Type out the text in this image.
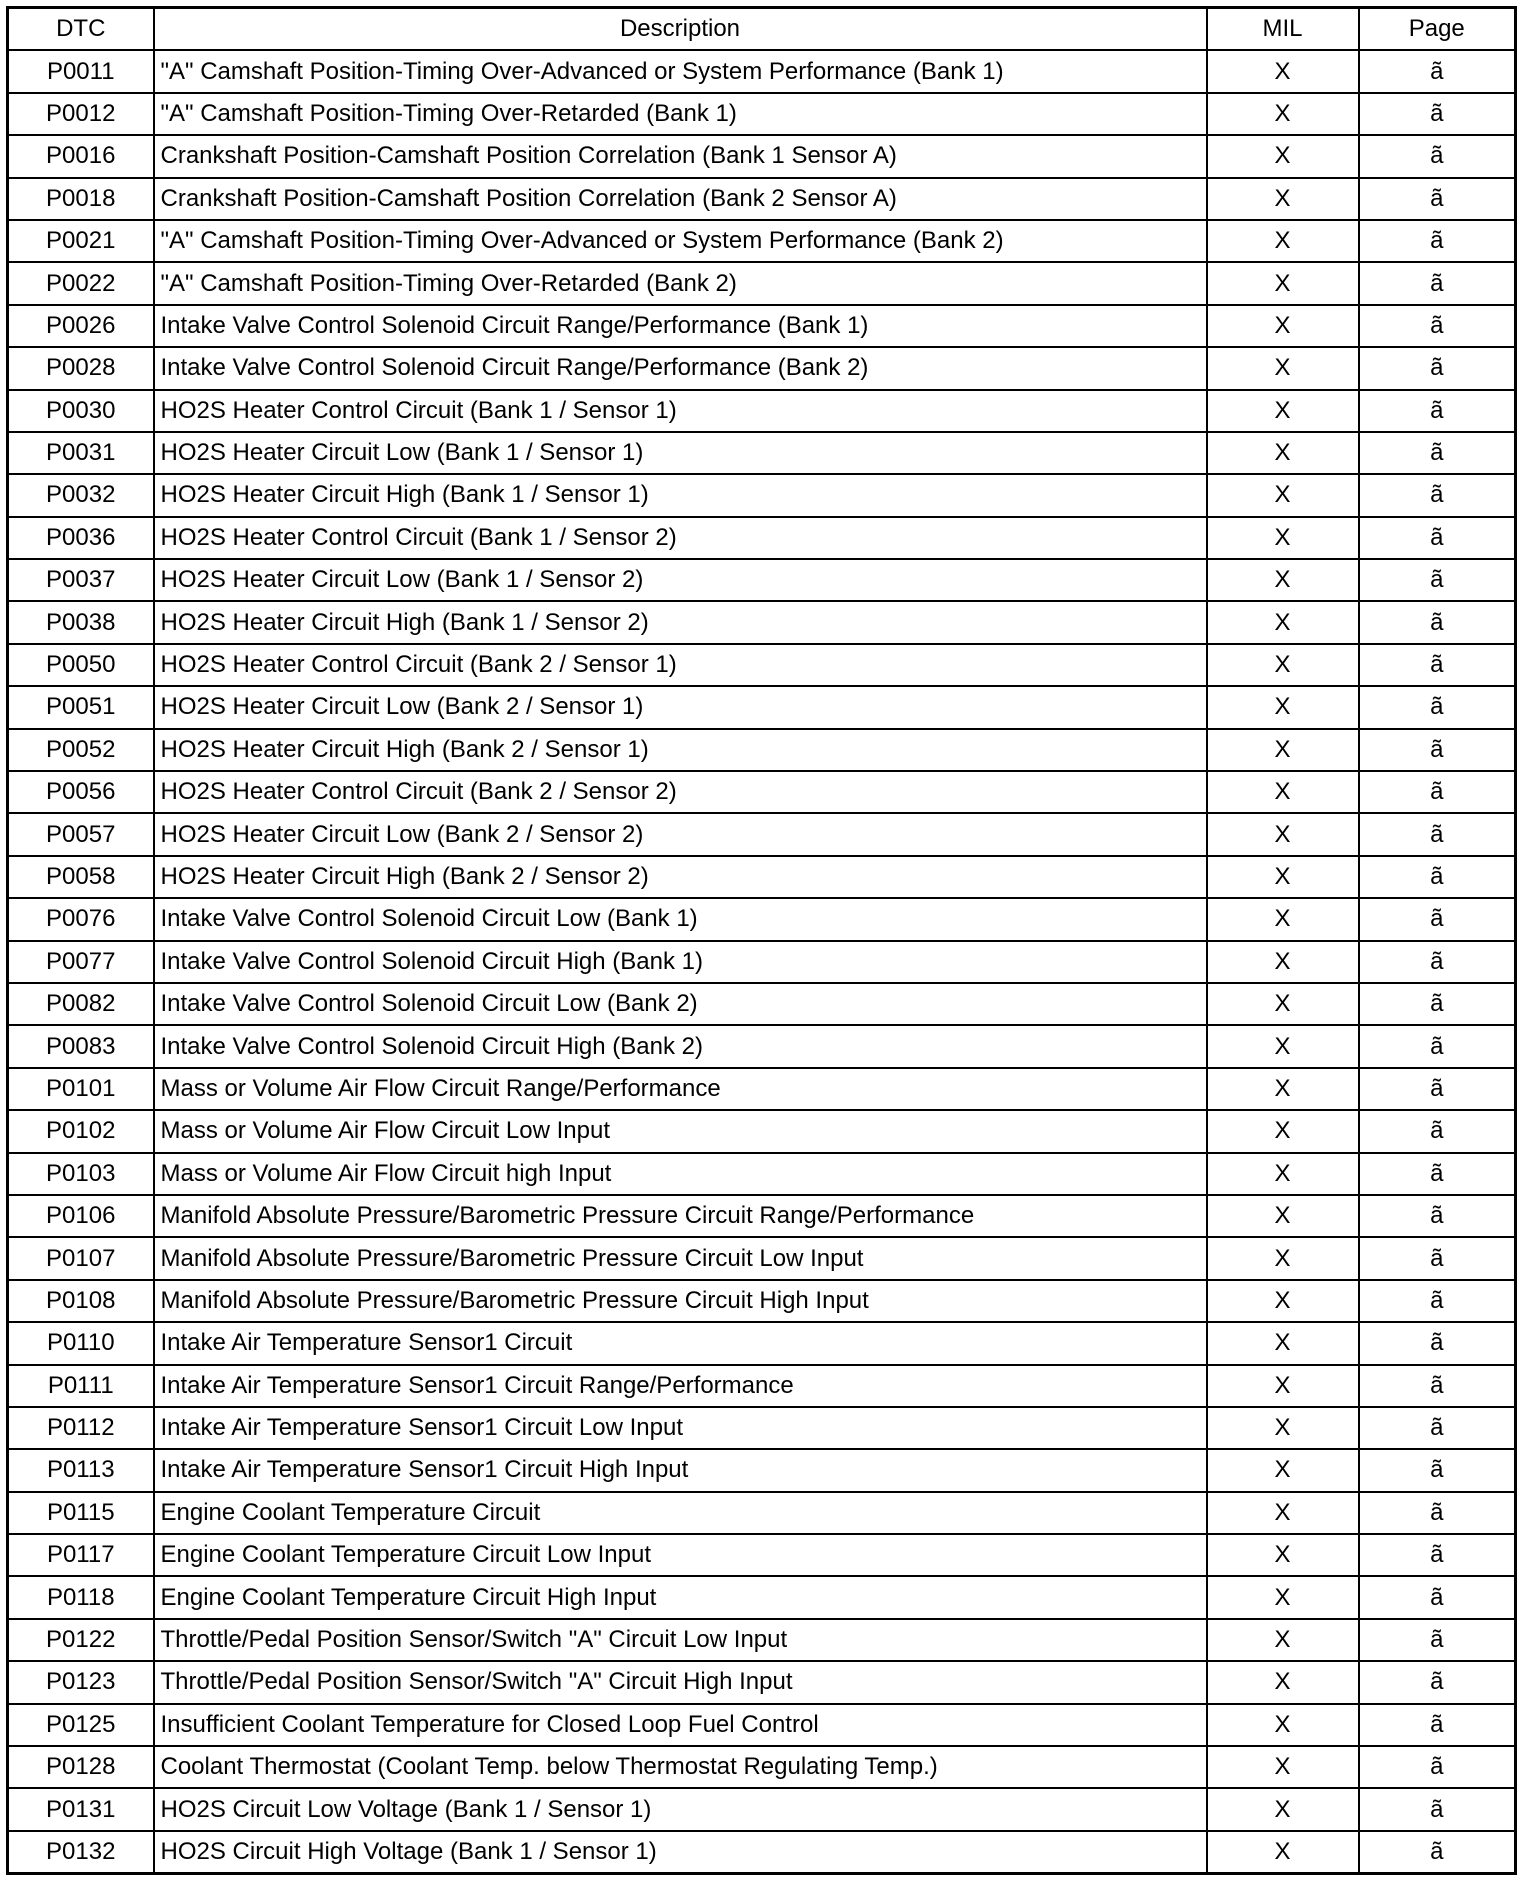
DTC	Description	MIL	Page
P0011	"A" Camshaft Position-Timing Over-Advanced or System Performance (Bank 1)	X	ã
P0012	"A" Camshaft Position-Timing Over-Retarded (Bank 1)	X	ã
P0016	Crankshaft Position-Camshaft Position Correlation (Bank 1 Sensor A)	X	ã
P0018	Crankshaft Position-Camshaft Position Correlation (Bank 2 Sensor A)	X	ã
P0021	"A" Camshaft Position-Timing Over-Advanced or System Performance (Bank 2)	X	ã
P0022	"A" Camshaft Position-Timing Over-Retarded (Bank 2)	X	ã
P0026	Intake Valve Control Solenoid Circuit Range/Performance (Bank 1)	X	ã
P0028	Intake Valve Control Solenoid Circuit Range/Performance (Bank 2)	X	ã
P0030	HO2S Heater Control Circuit (Bank 1 / Sensor 1)	X	ã
P0031	HO2S Heater Circuit Low (Bank 1 / Sensor 1)	X	ã
P0032	HO2S Heater Circuit High (Bank 1 / Sensor 1)	X	ã
P0036	HO2S Heater Control Circuit (Bank 1 / Sensor 2)	X	ã
P0037	HO2S Heater Circuit Low (Bank 1 / Sensor 2)	X	ã
P0038	HO2S Heater Circuit High (Bank 1 / Sensor 2)	X	ã
P0050	HO2S Heater Control Circuit (Bank 2 / Sensor 1)	X	ã
P0051	HO2S Heater Circuit Low (Bank 2 / Sensor 1)	X	ã
P0052	HO2S Heater Circuit High (Bank 2 / Sensor 1)	X	ã
P0056	HO2S Heater Control Circuit (Bank 2 / Sensor 2)	X	ã
P0057	HO2S Heater Circuit Low (Bank 2 / Sensor 2)	X	ã
P0058	HO2S Heater Circuit High (Bank 2 / Sensor 2)	X	ã
P0076	Intake Valve Control Solenoid Circuit Low (Bank 1)	X	ã
P0077	Intake Valve Control Solenoid Circuit High (Bank 1)	X	ã
P0082	Intake Valve Control Solenoid Circuit Low (Bank 2)	X	ã
P0083	Intake Valve Control Solenoid Circuit High (Bank 2)	X	ã
P0101	Mass or Volume Air Flow Circuit Range/Performance	X	ã
P0102	Mass or Volume Air Flow Circuit Low Input	X	ã
P0103	Mass or Volume Air Flow Circuit high Input	X	ã
P0106	Manifold Absolute Pressure/Barometric Pressure Circuit Range/Performance	X	ã
P0107	Manifold Absolute Pressure/Barometric Pressure Circuit Low Input	X	ã
P0108	Manifold Absolute Pressure/Barometric Pressure Circuit High Input	X	ã
P0110	Intake Air Temperature Sensor1 Circuit	X	ã
P0111	Intake Air Temperature Sensor1 Circuit Range/Performance	X	ã
P0112	Intake Air Temperature Sensor1 Circuit Low Input	X	ã
P0113	Intake Air Temperature Sensor1 Circuit High Input	X	ã
P0115	Engine Coolant Temperature Circuit	X	ã
P0117	Engine Coolant Temperature Circuit Low Input	X	ã
P0118	Engine Coolant Temperature Circuit High Input	X	ã
P0122	Throttle/Pedal Position Sensor/Switch "A" Circuit Low Input	X	ã
P0123	Throttle/Pedal Position Sensor/Switch "A" Circuit High Input	X	ã
P0125	Insufficient Coolant Temperature for Closed Loop Fuel Control	X	ã
P0128	Coolant Thermostat (Coolant Temp. below Thermostat Regulating Temp.)	X	ã
P0131	HO2S Circuit Low Voltage (Bank 1 / Sensor 1)	X	ã
P0132	HO2S Circuit High Voltage (Bank 1 / Sensor 1)	X	ã
